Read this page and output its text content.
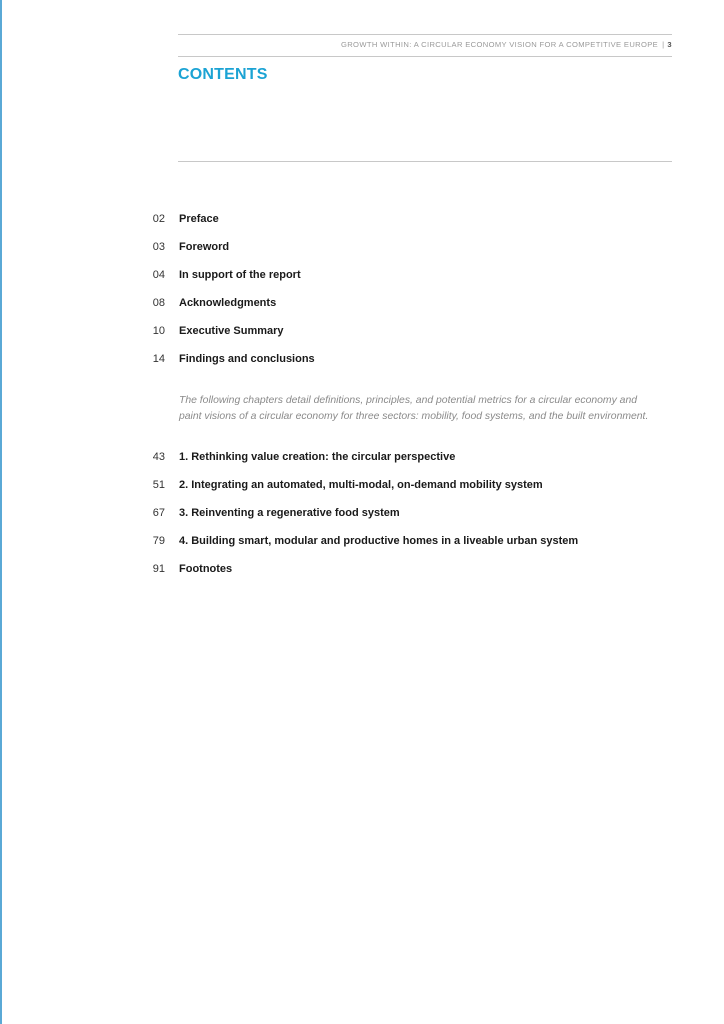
GROWTH WITHIN: A CIRCULAR ECONOMY VISION FOR A COMPETITIVE EUROPE | 3
CONTENTS
02 Preface
03 Foreword
04 In support of the report
08 Acknowledgments
10 Executive Summary
14 Findings and conclusions

The following chapters detail definitions, principles, and potential metrics for a circular economy and paint visions of a circular economy for three sectors: mobility, food systems, and the built environment.

43 1. Rethinking value creation: the circular perspective
51 2. Integrating an automated, multi-modal, on-demand mobility system
67 3. Reinventing a regenerative food system
79 4. Building smart, modular and productive homes in a liveable urban system
91 Footnotes
